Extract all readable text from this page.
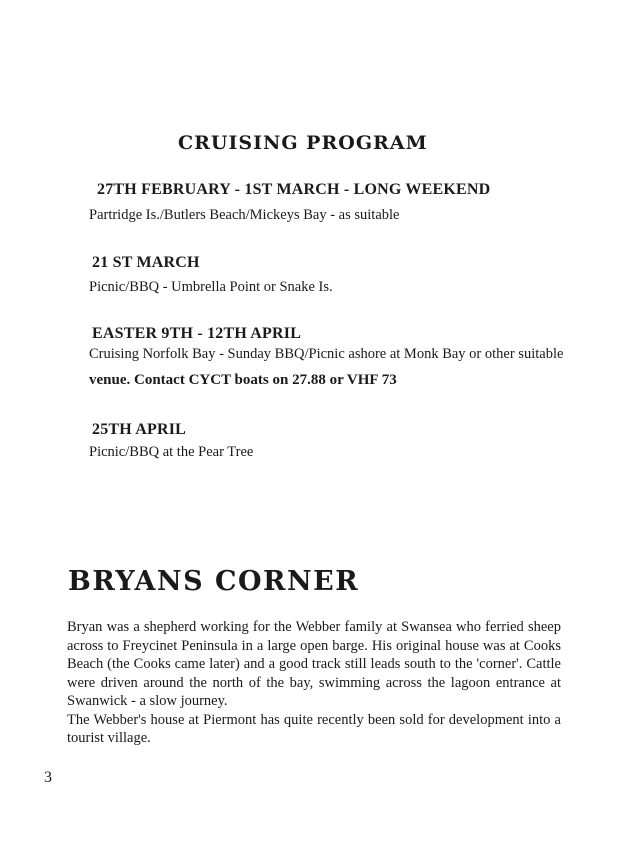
CRUISING PROGRAM
27TH FEBRUARY - 1ST MARCH - LONG WEEKEND
Partridge Is./Butlers Beach/Mickeys Bay - as suitable
21 ST MARCH
Picnic/BBQ - Umbrella Point or Snake Is.
EASTER 9TH - 12TH APRIL
Cruising Norfolk Bay - Sunday BBQ/Picnic ashore at Monk Bay or other suitable
venue. Contact CYCT boats on 27.88 or VHF 73
25TH APRIL
Picnic/BBQ at the Pear Tree
BRYANS CORNER

Bryan was a shepherd working for the Webber family at Swansea who ferried sheep across to Freycinet Peninsula in a large open barge. His original house was at Cooks Beach (the Cooks came later) and a good track still leads south to the 'corner'. Cattle were driven around the north of the bay, swimming across the lagoon entrance at Swanwick - a slow journey.

The Webber's house at Piermont has quite recently been sold for development into a tourist village.

3
